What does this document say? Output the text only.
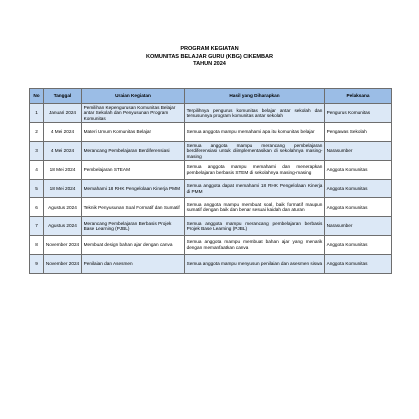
PROGRAM KEGIATAN
KOMUNITAS BELAJAR GURU (KBG) CIKEMBAR
TAHUN 2024
No	Tanggal	Uraian Kegiatan	Hasil yang Diharapkan	Pelaksana
1	Januari 2024	Pemilihan Kepengurusan Komunitas Belajar antar Sekolah dan Penyusunan Program Komunitas	Terpilihnya pengurus komunitas belajar antar sekolah dan tersusunnya program komunitas antar sekolah	Pengurus Komunitas
2	4 Mei 2024	Materi Umum Komunitas Belajar	Semua anggota mampu memahami apa itu komunitas belajar	Pengawas Sekolah
3	4 Mei 2024	Merancang Pembelajaran Berdiferensiasi	Semua anggota mampu merancang pembelajaran berdiferensiasi untuk diimplementasikan di sekolahnya masing-masing	Narasumber
4	18 Mei 2024	Pembelajaran STEAM	Semua anggota mampu memahami dan menerapkan pembelajaran berbasis STEM di sekolahnya masing-masing	Anggota Komunitas
5	18 Mei 2024	Memahami 18 RHK Pengelolaan Kinerja PMM	Semua anggota dapat memahami 18 RHK Pengelolaan Kinerja di PMM	Anggota Komunitas
6	Agustus 2024	Teknik Penyusunan Soal Formatif dan Sumatif	Semua anggota mampu membuat soal, baik formatif maupun sumatif dengan baik dan benar sesuai kaidah dan aturan	Anggota Komunitas
7	Agustus 2024	Merancang Pembelajaran Berbasis Projek Base Learning (PJBL)	Semua anggota mampu merancang pembelajaran berbasis Projek Base Learning (PJBL)	Narasumber
8	November 2024	Membuat design bahan ajar dengan canva	Semua anggota mampu membuat bahan ajar yang menarik dengan memanfaatkan canva	Anggota Komunitas
9	November 2024	Penilaian dan Asesmen	Semua anggota mampu menyusun penilaian dan asesmen siswa	Anggota Komunitas
